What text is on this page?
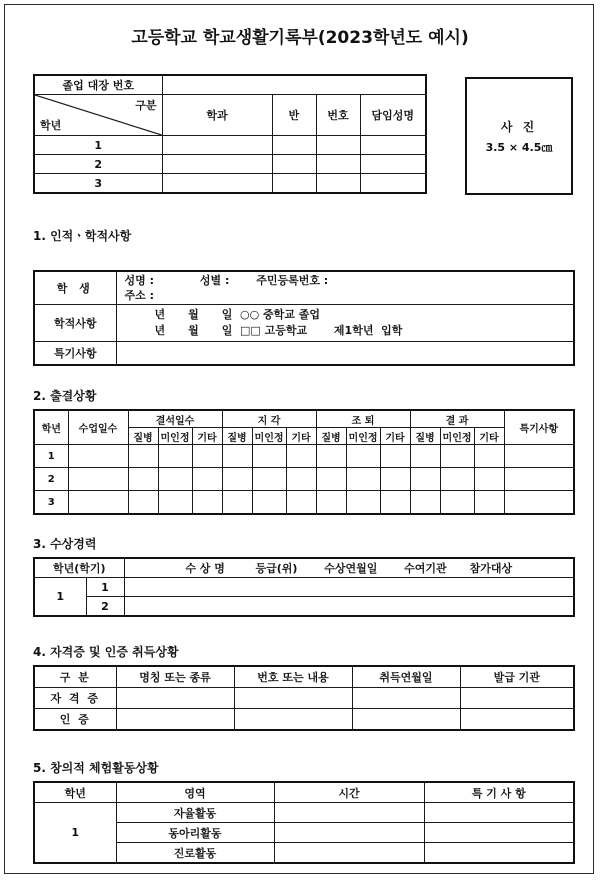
고등학교 학교생활기록부(2023학년도 예시)
졸업 대장 번호				

구분
학년	학과	반	번호	담임성명
1				
2				
3				
사 진
3.5 × 4.5㎝
1. 인적ㆍ학적사항
학 생	성명 :            성별 :       주민등록번호 :
주소 :

학적사항	년      월      일  ○○ 중학교 졸업
년      월      일  □□ 고등학교       제1학년  입학

특기사항	
2. 출결상황
학년	수업일수	결석일수			지 각			조 퇴			결 과			특기사항
		질병	미인정	기타	질병	미인정	기타	질병	미인정	기타	질병	미인정	기타	
1														
2														
3														
3. 수상경력
학년(학기)		수 상 명        등급(위)       수상연월일       수여기관      참가대상

1	1	
	2	
4. 자격증 및 인증 취득상황
구 분	명칭 또는 종류	번호 또는 내용	취득연월일	발급 기관
자 격 증				
인 증				
5. 창의적 체험활동상황
학년	영역	시간	특 기 사 항
1	자율활동		
	동아리활동		
	진로활동		
